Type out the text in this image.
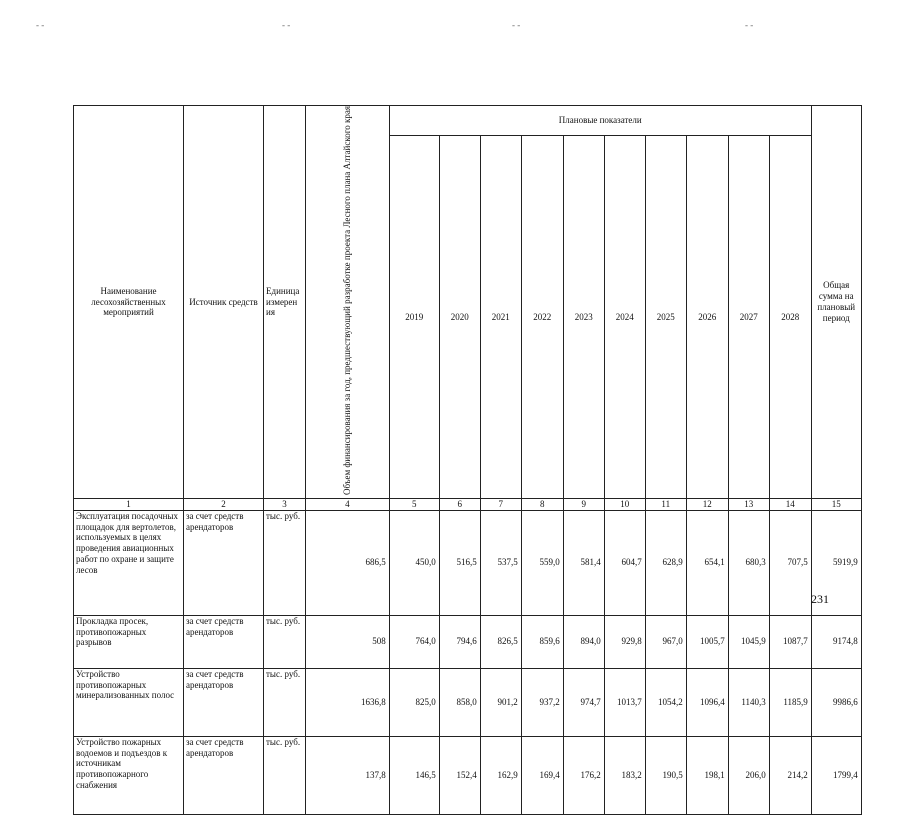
- -	- -	- -	- -
Наименование лесохозяйственных мероприятий	Источник средств	Единица измерен ия	Объем финансирования за год, предшествующий разработке проекта Лесного плана Алтайского края	Плановые показатели										Общая сумма на плановый период
				2019	2020	2021	2022	2023	2024	2025	2026	2027	2028	
1	2	3	4	5	6	7	8	9	10	11	12	13	14	15
Эксплуатация посадочных площадок для вертолетов, используемых в целях проведения авиационных работ по охране и защите лесов	за счет средств арендаторов	тыс. руб.	686,5	450,0	516,5	537,5	559,0	581,4	604,7	628,9	654,1	680,3	707,5	5919,9
Прокладка просек, противопожарных разрывов	за счет средств арендаторов	тыс. руб.	508	764,0	794,6	826,5	859,6	894,0	929,8	967,0	1005,7	1045,9	1087,7	9174,8
Устройство противопожарных минерализованных полос	за счет средств арендаторов	тыс. руб.	1636,8	825,0	858,0	901,2	937,2	974,7	1013,7	1054,2	1096,4	1140,3	1185,9	9986,6
Устройство пожарных водоемов и подъездов к источникам противопожарного снабжения	за счет средств арендаторов	тыс. руб.	137,8	146,5	152,4	162,9	169,4	176,2	183,2	190,5	198,1	206,0	214,2	1799,4
231
